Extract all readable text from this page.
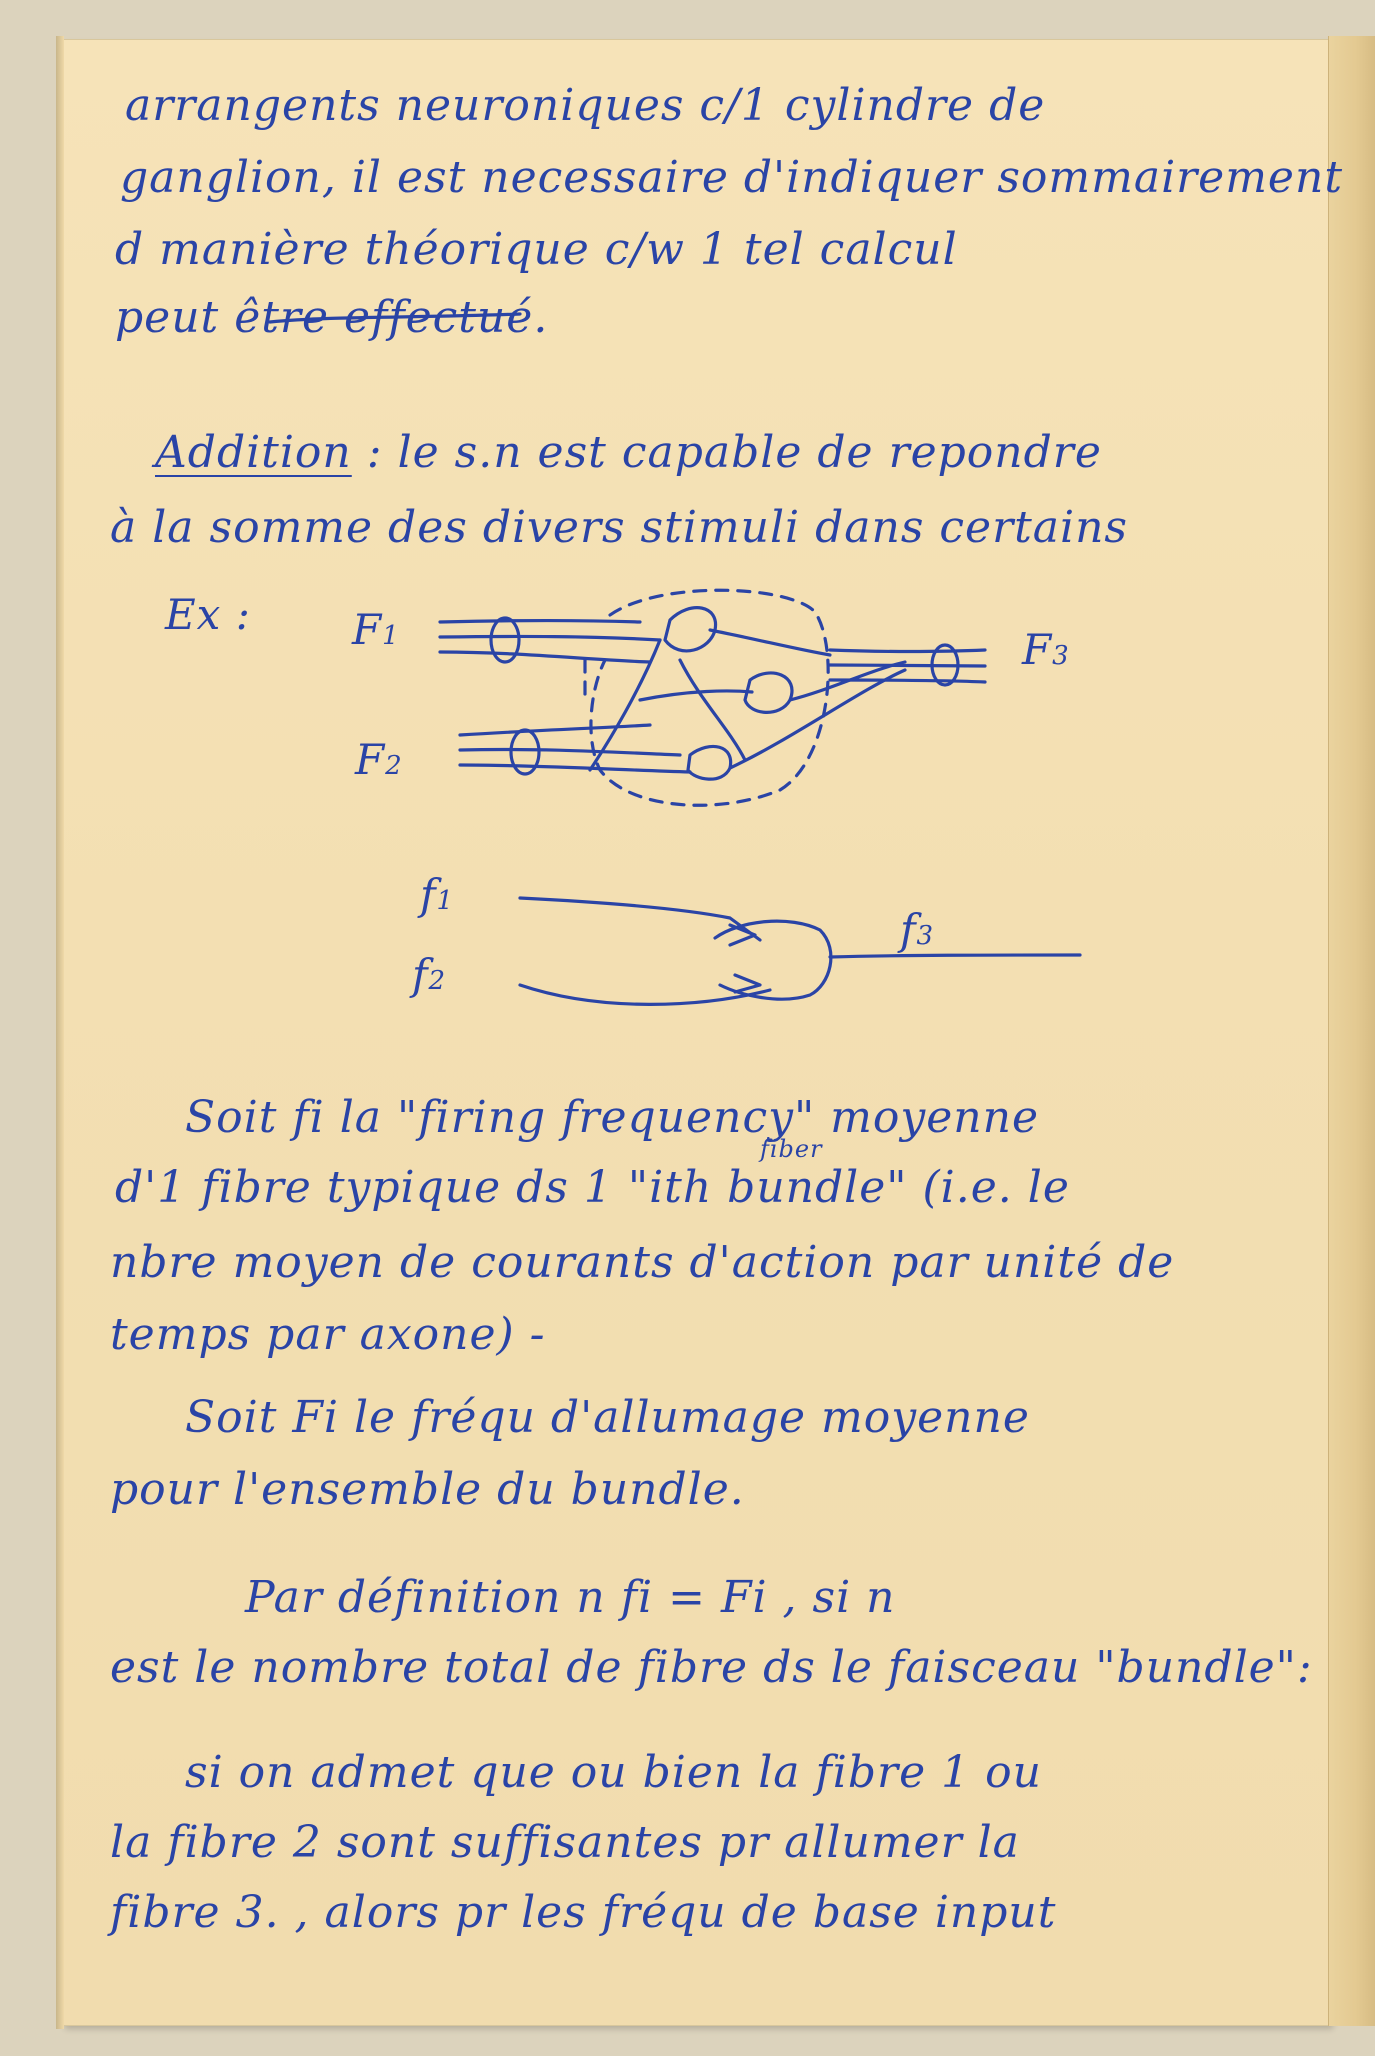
arrangents neuroniques c/1 cylindre de
ganglion, il est necessaire d'indiquer sommairement
d manière théorique c/w 1 tel calcul
peut être effectué.
Addition : le s.n est capable de repondre
à la somme des divers stimuli dans certains
Ex : F1
F2
F3
f1
f2
f3
Soit fi la "firing frequency" moyenne
fiber
d'1 fibre typique ds 1 "ith bundle" (i.e. le
nbre moyen de courants d'action par unité de
temps par axone) -
Soit Fi le fréqu d'allumage moyenne
pour l'ensemble du bundle.
Par définition n fi = Fi , si n
est le nombre total de fibre ds le faisceau "bundle":
si on admet que ou bien la fibre 1 ou
la fibre 2 sont suffisantes pr allumer la
fibre 3. , alors pr les fréqu de base input
